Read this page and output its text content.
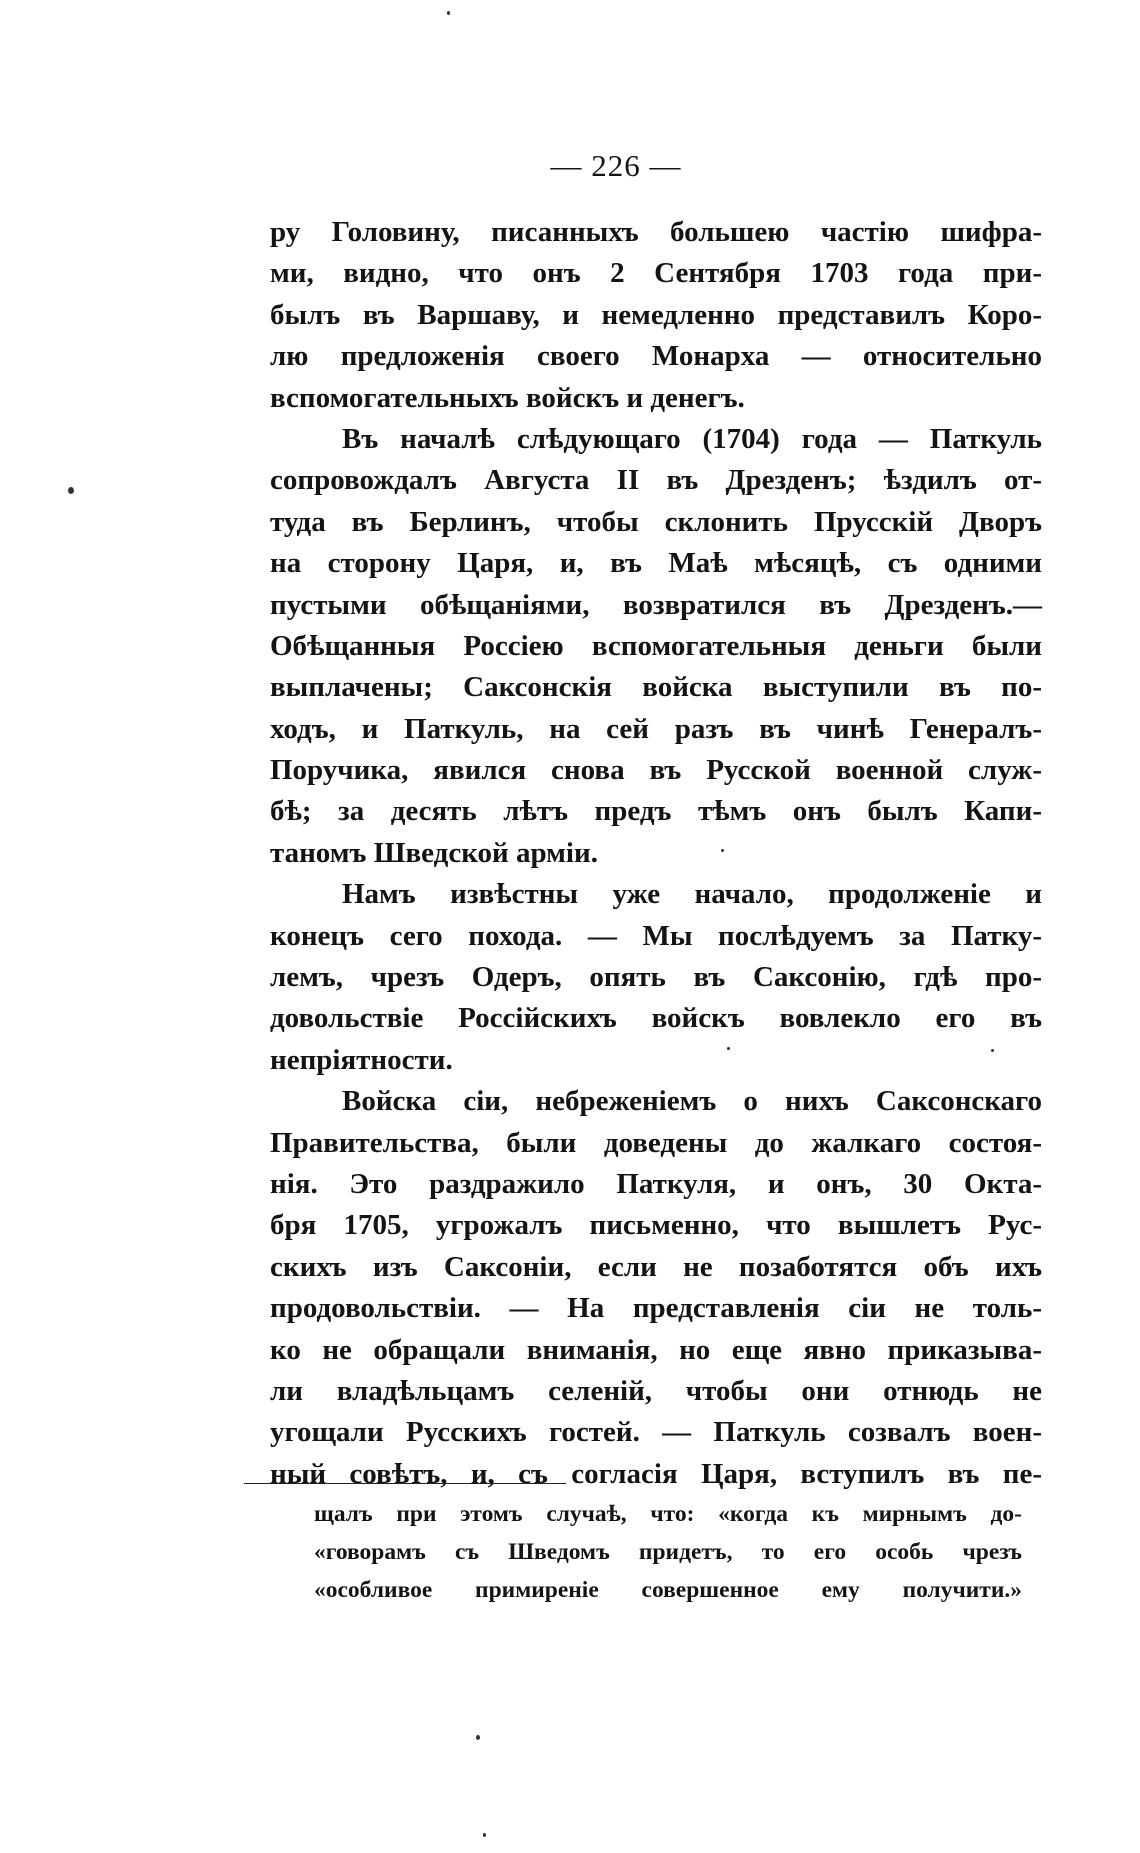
— 226 —
ру Головину, писанныхъ большею частію шифра-
ми, видно, что онъ 2 Сентября 1703 года при-
былъ въ Варшаву, и немедленно представилъ Коро-
лю предложенія своего Монарха — относительно
вспомогательныхъ войскъ и денегъ.
Въ началѣ слѣдующаго (1704) года — Паткуль
сопровождалъ Августа II въ Дрезденъ; ѣздилъ от-
туда въ Берлинъ, чтобы склонить Прусскій Дворъ
на сторону Царя, и, въ Маѣ мѣсяцѣ, съ одними
пустыми обѣщаніями, возвратился въ Дрезденъ.—
Обѣщанныя Россіею вспомогательныя деньги были
выплачены; Саксонскія войска выступили въ по-
ходъ, и Паткуль, на сей разъ въ чинѣ Генералъ-
Поручика, явился снова въ Русской военной служ-
бѣ; за десять лѣтъ предъ тѣмъ онъ былъ Капи-
таномъ Шведской арміи.
Намъ извѣстны уже начало, продолженіе и
конецъ сего похода. — Мы послѣдуемъ за Патку-
лемъ, чрезъ Одеръ, опять въ Саксонію, гдѣ про-
довольствіе Россійскихъ войскъ вовлекло его въ
непріятности.
Войска сіи, небреженіемъ о нихъ Саксонскаго
Правительства, были доведены до жалкаго состоя-
нія. Это раздражило Паткуля, и онъ, 30 Окта-
бря 1705, угрожалъ письменно, что вышлетъ Рус-
скихъ изъ Саксоніи, если не позаботятся объ ихъ
продовольствіи. — На представленія сіи не толь-
ко не обращали вниманія, но еще явно приказыва-
ли владѣльцамъ селеній, чтобы они отнюдь не
угощали Русскихъ гостей. — Паткуль созвалъ воен-
ный совѣтъ, и, съ согласія Царя, вступилъ въ пе-
щалъ при этомъ случаѣ, что: «когда къ мирнымъ до-
«говорамъ съ Шведомъ придетъ, то его особь чрезъ
«особливое примиреніе совершенное ему получити.»
